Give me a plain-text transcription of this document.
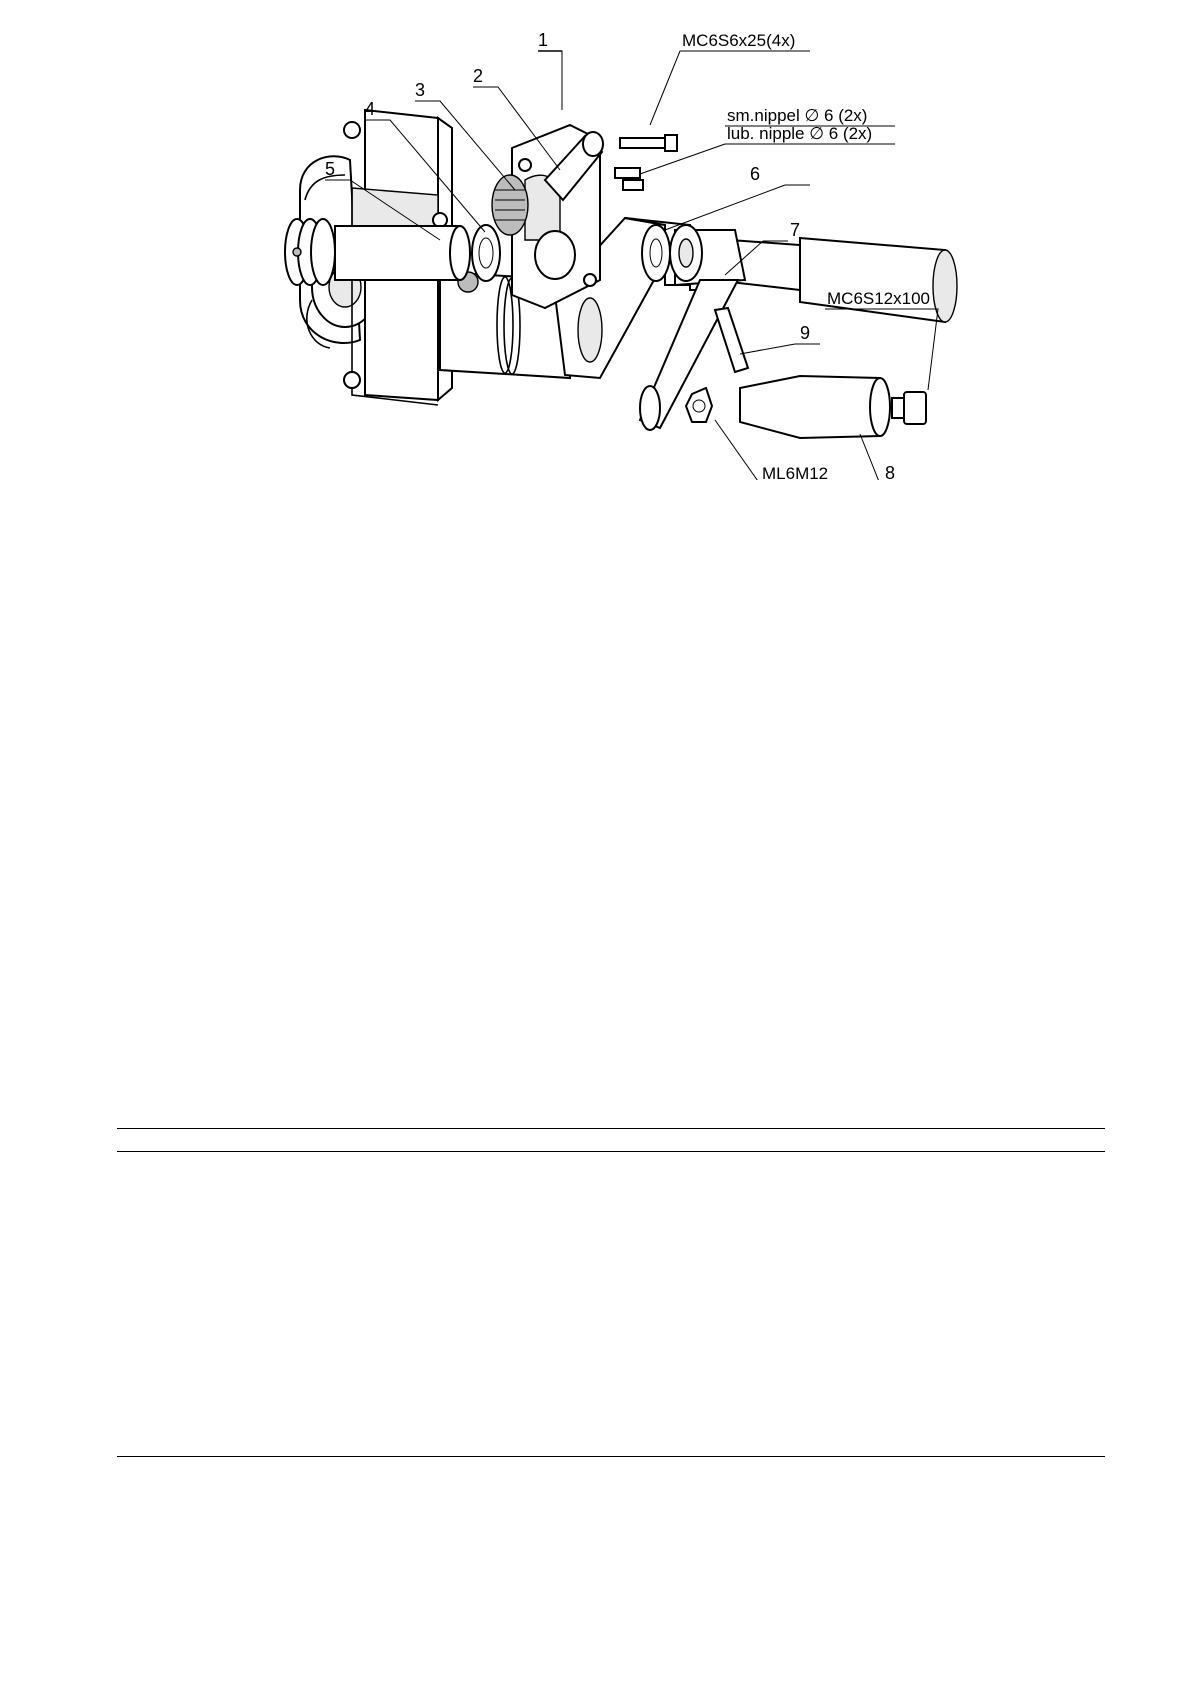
1
2
3
4
5	6
7
8
9
MC6S6x25(4x)
sm.nippel ∅ 6 (2x)
lub. nipple ∅ 6 (2x)
MC6S12x100
ML6M12
